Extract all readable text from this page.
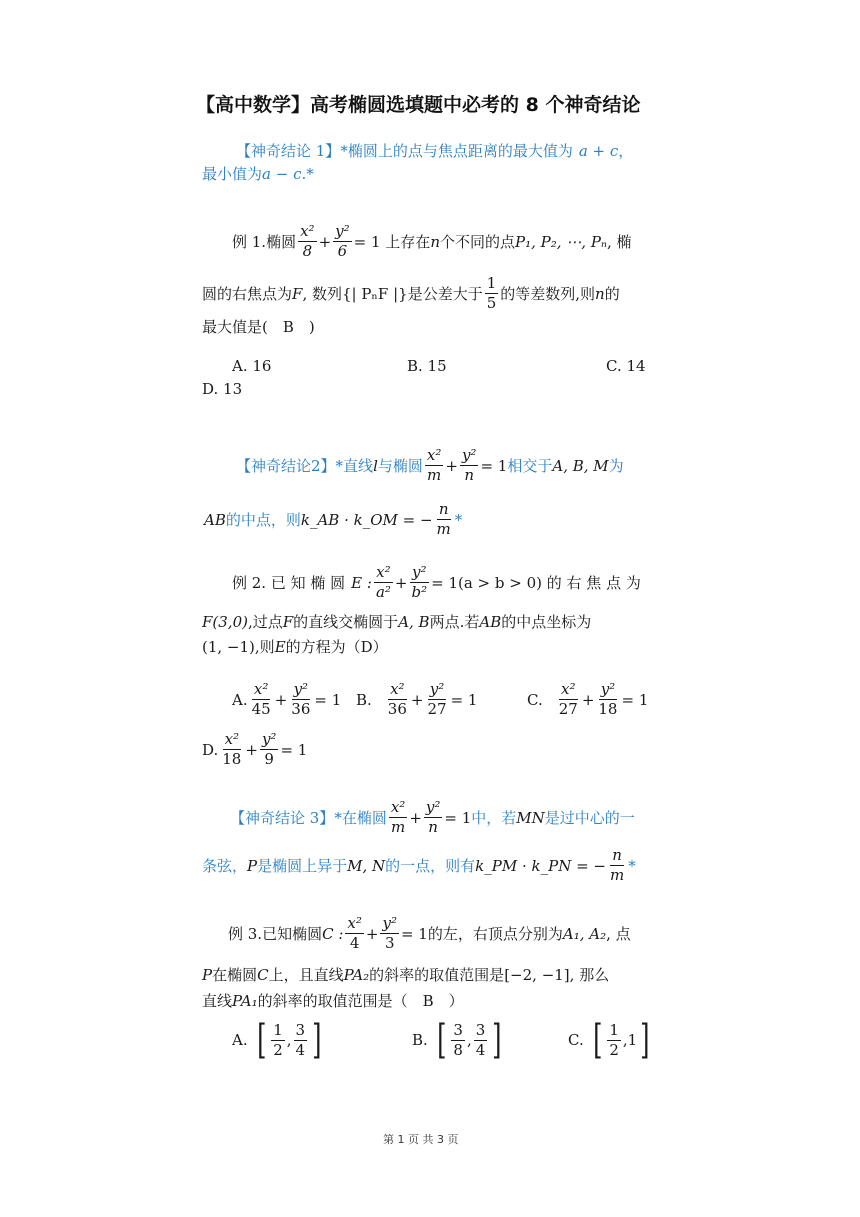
【高中数学】高考椭圆选填题中必考的 8 个神奇结论
【神奇结论 1】*椭圆上的点与焦点距离的最大值为 a + c，
最小值为a − c.*
例 1.椭圆 $\frac{\text{x²}}{8} + \frac{\text{y²}}{6} = 1$ 上存在 n 个不同的点 P₁, P₂, ⋯, Pₙ , 椭
圆的右焦点为 F , 数列{| PₙF |}是公差大于 $\frac{1}{5}$ 的等差数列,则 n 的
最大值是(　B　)
A. 16	B. 15	C. 14
D. 13
【神奇结论2】 *直线 l 与椭圆 $\frac{\text{x²}}{m} + \frac{\text{y²}}{n} = 1$ 相交于 A, B, M 为
AB 的中点，则 k_AB · k_OM = − $\frac{n}{m}$ *
例 2. 已 知 椭 圆 E : $\frac{\text{x²}}{\text{a²}} + \frac{\text{y²}}{\text{b²}} = 1(a > b > 0)$ 的 右 焦 点 为
F(3,0),过点F的直线交椭圆于A, B两点.若AB的中点坐标为
(1, −1),则E的方程为（D）
A. $\frac{\text{x²}}{45} + \frac{\text{y²}}{36} = 1$ B. $\frac{\text{x²}}{36} + \frac{\text{y²}}{27} = 1$	C. $\frac{\text{x²}}{27} + \frac{\text{y²}}{18} = 1$
D. $\frac{\text{x²}}{18} + \frac{\text{y²}}{9} = 1$
【神奇结论 3】 *在椭圆 $\frac{\text{x²}}{m} + \frac{\text{y²}}{n} = 1$ 中，若 MN 是过中心的一
条弦， P 是椭圆上异于 M, N 的一点，则有 k_PM · k_PN = − $\frac{n}{m}$ *
例 3.已知椭圆 C : $\frac{\text{x²}}{4} + \frac{\text{y²}}{3} = 1$ 的左，右顶点分别为 A₁, A₂ , 点
P在椭圆C上，且直线PA₂的斜率的取值范围是[−2, −1], 那么
直线PA₁的斜率的取值范围是（　B　）
A. [ $\frac{1}{2}$ , $\frac{3}{4}$ ]	B. [ $\frac{3}{8}$ , $\frac{3}{4}$ ]	C. [ $\frac{1}{2}$ , 1 ]
第 1 页 共 3 页
